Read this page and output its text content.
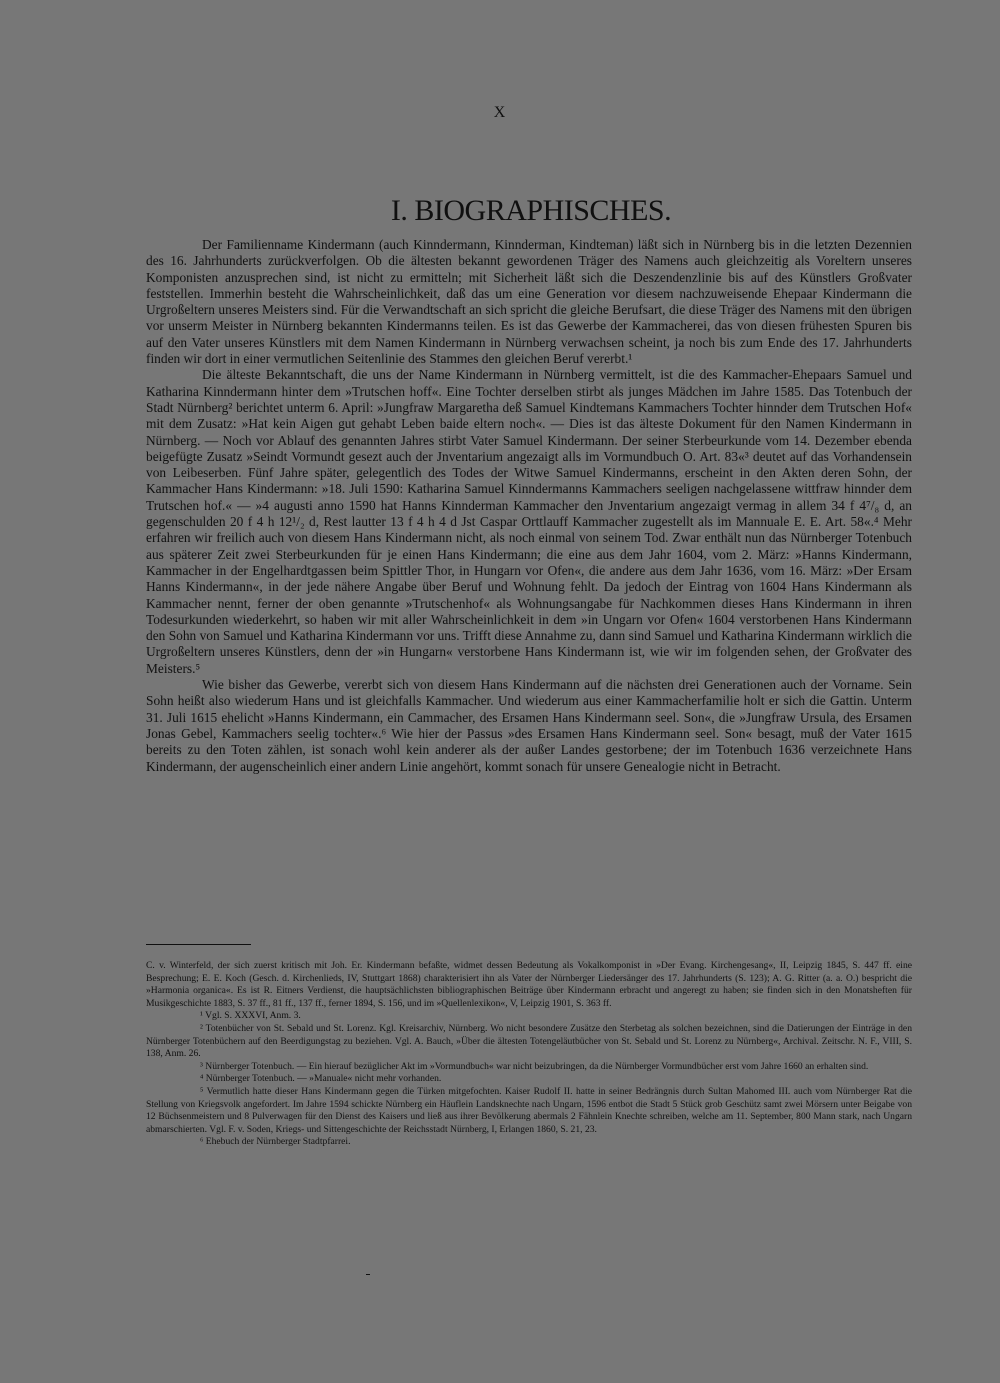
X
I. BIOGRAPHISCHES.

Der Familienname Kindermann (auch Kinndermann, Kinnderman, Kindteman) läßt sich in Nürnberg bis in die letzten Dezennien des 16. Jahrhunderts zurückverfolgen. Ob die ältesten bekannt gewordenen Träger des Namens auch gleichzeitig als Voreltern unseres Komponisten anzusprechen sind, ist nicht zu ermitteln; mit Sicherheit läßt sich die Deszendenzlinie bis auf des Künstlers Großvater feststellen. Immerhin besteht die Wahrscheinlichkeit, daß das um eine Generation vor diesem nachzuweisende Ehepaar Kindermann die Urgroßeltern unseres Meisters sind. Für die Verwandtschaft an sich spricht die gleiche Berufsart, die diese Träger des Namens mit den übrigen vor unserm Meister in Nürnberg bekannten Kindermanns teilen. Es ist das Gewerbe der Kammacherei, das von diesen frühesten Spuren bis auf den Vater unseres Künstlers mit dem Namen Kindermann in Nürnberg verwachsen scheint, ja noch bis zum Ende des 17. Jahrhunderts finden wir dort in einer vermutlichen Seitenlinie des Stammes den gleichen Beruf vererbt.¹

Die älteste Bekanntschaft, die uns der Name Kindermann in Nürnberg vermittelt, ist die des Kammacher-Ehepaars Samuel und Katharina Kinndermann hinter dem »Trutschen hoff«. Eine Tochter derselben stirbt als junges Mädchen im Jahre 1585. Das Totenbuch der Stadt Nürnberg² berichtet unterm 6. April: »Jungfraw Margaretha deß Samuel Kindtemans Kammachers Tochter hinnder dem Trutschen Hof« mit dem Zusatz: »Hat kein Aigen gut gehabt Leben baide eltern noch«. — Dies ist das älteste Dokument für den Namen Kindermann in Nürnberg. — Noch vor Ablauf des genannten Jahres stirbt Vater Samuel Kindermann. Der seiner Sterbeurkunde vom 14. Dezember ebenda beigefügte Zusatz »Seindt Vormundt gesezt auch der Jnventarium angezaigt alls im Vormundbuch O. Art. 83«³ deutet auf das Vorhandensein von Leibeserben. Fünf Jahre später, gelegentlich des Todes der Witwe Samuel Kindermanns, erscheint in den Akten deren Sohn, der Kammacher Hans Kindermann: »18. Juli 1590: Katharina Samuel Kinndermanns Kammachers seeligen nachgelassene wittfraw hinnder dem Trutschen hof.« — »4 augusti anno 1590 hat Hanns Kinnderman Kammacher den Jnventarium angezaigt vermag in allem 34 f 4⁷/₈ d, an gegenschulden 20 f 4 h 12¹/₂ d, Rest lautter 13 f 4 h 4 d Jst Caspar Orttlauff Kammacher zugestellt als im Mannuale E. E. Art. 58«.⁴ Mehr erfahren wir freilich auch von diesem Hans Kindermann nicht, als noch einmal von seinem Tod. Zwar enthält nun das Nürnberger Totenbuch aus späterer Zeit zwei Sterbeurkunden für je einen Hans Kindermann; die eine aus dem Jahr 1604, vom 2. März: »Hanns Kindermann, Kammacher in der Engelhardtgassen beim Spittler Thor, in Hungarn vor Ofen«, die andere aus dem Jahr 1636, vom 16. März: »Der Ersam Hanns Kindermann«, in der jede nähere Angabe über Beruf und Wohnung fehlt. Da jedoch der Eintrag von 1604 Hans Kindermann als Kammacher nennt, ferner der oben genannte »Trutschenhof« als Wohnungsangabe für Nachkommen dieses Hans Kindermann in ihren Todesurkunden wiederkehrt, so haben wir mit aller Wahrscheinlichkeit in dem »in Ungarn vor Ofen« 1604 verstorbenen Hans Kindermann den Sohn von Samuel und Katharina Kindermann vor uns. Trifft diese Annahme zu, dann sind Samuel und Katharina Kindermann wirklich die Urgroßeltern unseres Künstlers, denn der »in Hungarn« verstorbene Hans Kindermann ist, wie wir im folgenden sehen, der Großvater des Meisters.⁵

Wie bisher das Gewerbe, vererbt sich von diesem Hans Kindermann auf die nächsten drei Generationen auch der Vorname. Sein Sohn heißt also wiederum Hans und ist gleichfalls Kammacher. Und wiederum aus einer Kammacherfamilie holt er sich die Gattin. Unterm 31. Juli 1615 ehelicht »Hanns Kindermann, ein Cammacher, des Ersamen Hans Kindermann seel. Son«, die »Jungfraw Ursula, des Ersamen Jonas Gebel, Kammachers seelig tochter«.⁶ Wie hier der Passus »des Ersamen Hans Kindermann seel. Son« besagt, muß der Vater 1615 bereits zu den Toten zählen, ist sonach wohl kein anderer als der außer Landes gestorbene; der im Totenbuch 1636 verzeichnete Hans Kindermann, der augenscheinlich einer andern Linie angehört, kommt sonach für unsere Genealogie nicht in Betracht.

C. v. Winterfeld, der sich zuerst kritisch mit Joh. Er. Kindermann befaßte, widmet dessen Bedeutung als Vokalkomponist in »Der Evang. Kirchengesang«, II, Leipzig 1845, S. 447 ff. eine Besprechung; E. E. Koch (Gesch. d. Kirchenlieds, IV, Stuttgart 1868) charakterisiert ihn als Vater der Nürnberger Liedersänger des 17. Jahrhunderts (S. 123); A. G. Ritter (a. a. O.) bespricht die »Harmonia organica«. Es ist R. Eitners Verdienst, die hauptsächlichsten bibliographischen Beiträge über Kindermann erbracht und angeregt zu haben; sie finden sich in den Monatsheften für Musikgeschichte 1883, S. 37 ff., 81 ff., 137 ff., ferner 1894, S. 156, und im »Quellenlexikon«, V, Leipzig 1901, S. 363 ff.

¹ Vgl. S. XXXVI, Anm. 3.

² Totenbücher von St. Sebald und St. Lorenz. Kgl. Kreisarchiv, Nürnberg. Wo nicht besondere Zusätze den Sterbetag als solchen bezeichnen, sind die Datierungen der Einträge in den Nürnberger Totenbüchern auf den Beerdigungstag zu beziehen. Vgl. A. Bauch, »Über die ältesten Totengeläutbücher von St. Sebald und St. Lorenz zu Nürnberg«, Archival. Zeitschr. N. F., VIII, S. 138, Anm. 26.

³ Nürnberger Totenbuch. — Ein hierauf bezüglicher Akt im »Vormundbuch« war nicht beizubringen, da die Nürnberger Vormundbücher erst vom Jahre 1660 an erhalten sind.

⁴ Nürnberger Totenbuch. — »Manuale« nicht mehr vorhanden.

⁵ Vermutlich hatte dieser Hans Kindermann gegen die Türken mitgefochten. Kaiser Rudolf II. hatte in seiner Bedrängnis durch Sultan Mahomed III. auch vom Nürnberger Rat die Stellung von Kriegsvolk angefordert. Im Jahre 1594 schickte Nürnberg ein Häuflein Landsknechte nach Ungarn, 1596 entbot die Stadt 5 Stück grob Geschütz samt zwei Mörsern unter Beigabe von 12 Büchsenmeistern und 8 Pulverwagen für den Dienst des Kaisers und ließ aus ihrer Bevölkerung abermals 2 Fähnlein Knechte schreiben, welche am 11. September, 800 Mann stark, nach Ungarn abmarschierten. Vgl. F. v. Soden, Kriegs- und Sittengeschichte der Reichsstadt Nürnberg, I, Erlangen 1860, S. 21, 23.

⁶ Ehebuch der Nürnberger Stadtpfarrei.
